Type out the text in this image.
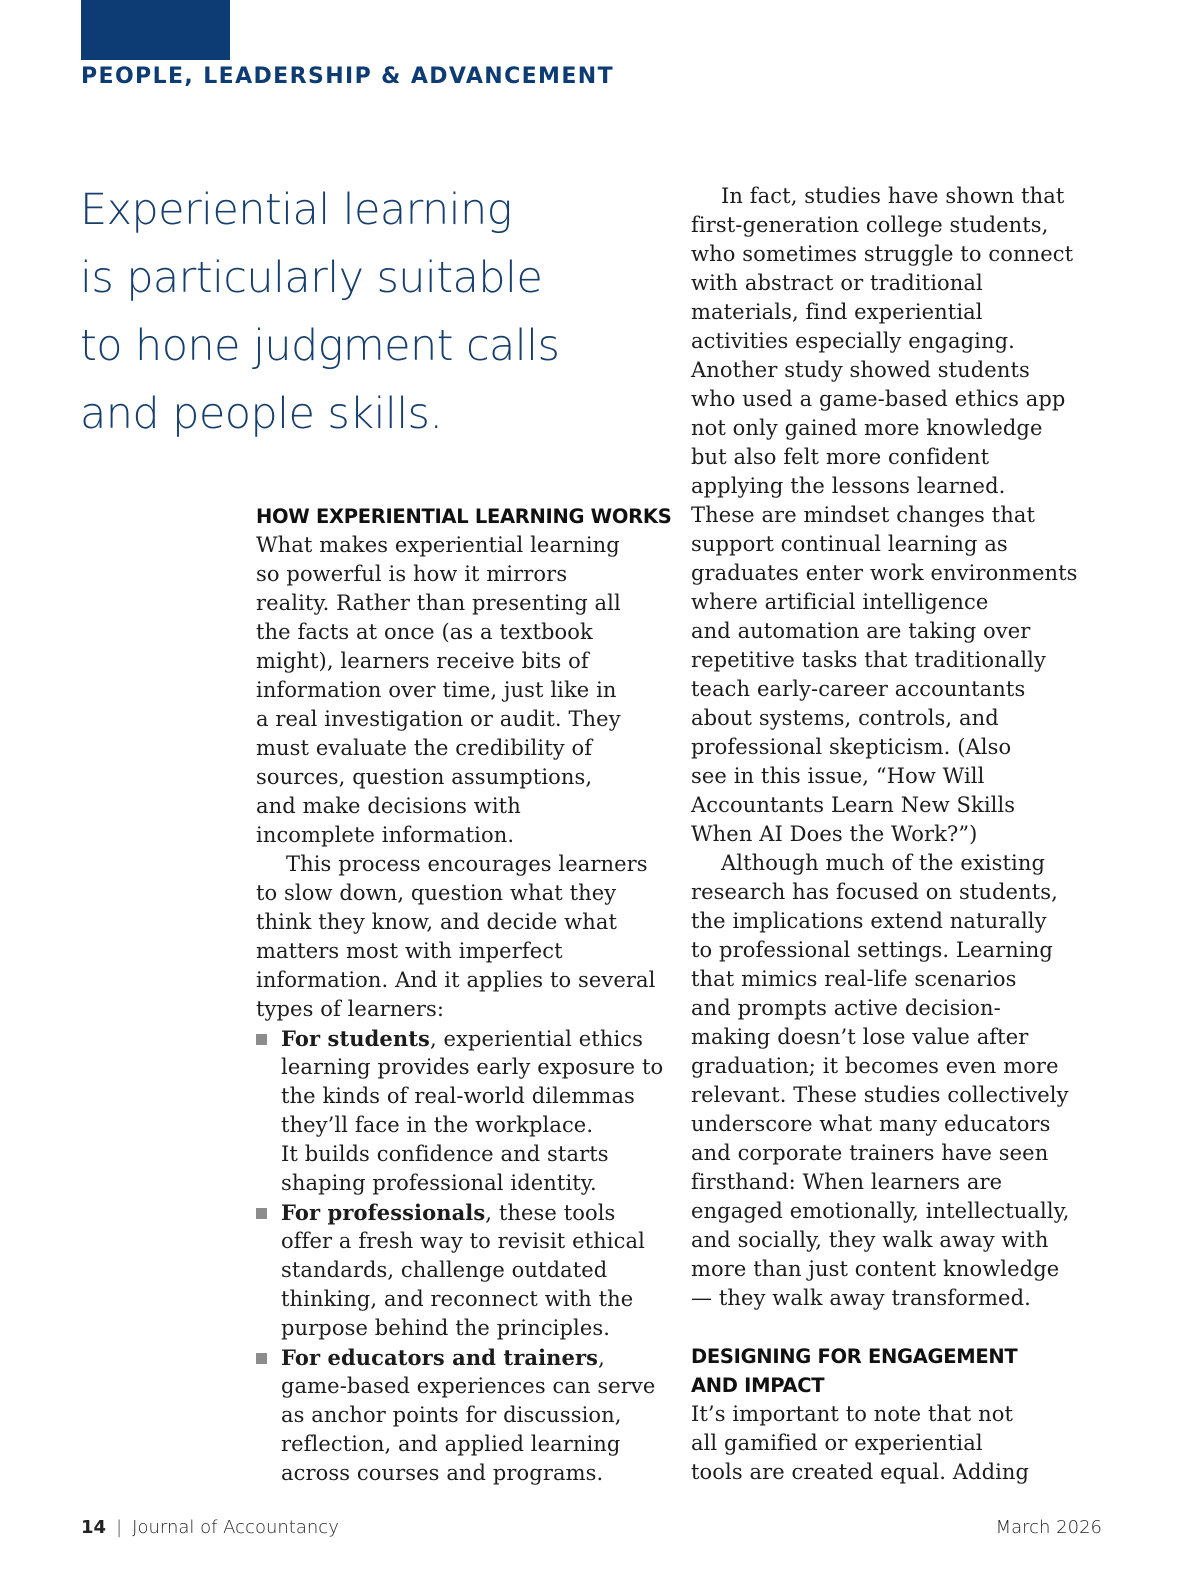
PEOPLE, LEADERSHIP & ADVANCEMENT
Experiential learning
is particularly suitable
to hone judgment calls
and people skills.
HOW EXPERIENTIAL LEARNING WORKS
What makes experiential learning
so powerful is how it mirrors
reality. Rather than presenting all
the facts at once (as a textbook
might), learners receive bits of
information over time, just like in
a real investigation or audit. They
must evaluate the credibility of
sources, question assumptions,
and make decisions with
incomplete information.
This process encourages learners
to slow down, question what they
think they know, and decide what
matters most with imperfect
information. And it applies to several
types of learners:
For students, experiential ethics
learning provides early exposure to
the kinds of real-world dilemmas
they’ll face in the workplace.
It builds confidence and starts
shaping professional identity.
For professionals, these tools
offer a fresh way to revisit ethical
standards, challenge outdated
thinking, and reconnect with the
purpose behind the principles.
For educators and trainers,
game-based experiences can serve
as anchor points for discussion,
reflection, and applied learning
across courses and programs.
In fact, studies have shown that
first-generation college students,
who sometimes struggle to connect
with abstract or traditional
materials, find experiential
activities especially engaging.
Another study showed students
who used a game-based ethics app
not only gained more knowledge
but also felt more confident
applying the lessons learned.
These are mindset changes that
support continual learning as
graduates enter work environments
where artificial intelligence
and automation are taking over
repetitive tasks that traditionally
teach early-career accountants
about systems, controls, and
professional skepticism. (Also
see in this issue, “How Will
Accountants Learn New Skills
When AI Does the Work?”)
Although much of the existing
research has focused on students,
the implications extend naturally
to professional settings. Learning
that mimics real-life scenarios
and prompts active decision-
making doesn’t lose value after
graduation; it becomes even more
relevant. These studies collectively
underscore what many educators
and corporate trainers have seen
firsthand: When learners are
engaged emotionally, intellectually,
and socially, they walk away with
more than just content knowledge
— they walk away transformed.
DESIGNING FOR ENGAGEMENT
AND IMPACT
It’s important to note that not
all gamified or experiential
tools are created equal. Adding
14 | Journal of Accountancy	March 2026
